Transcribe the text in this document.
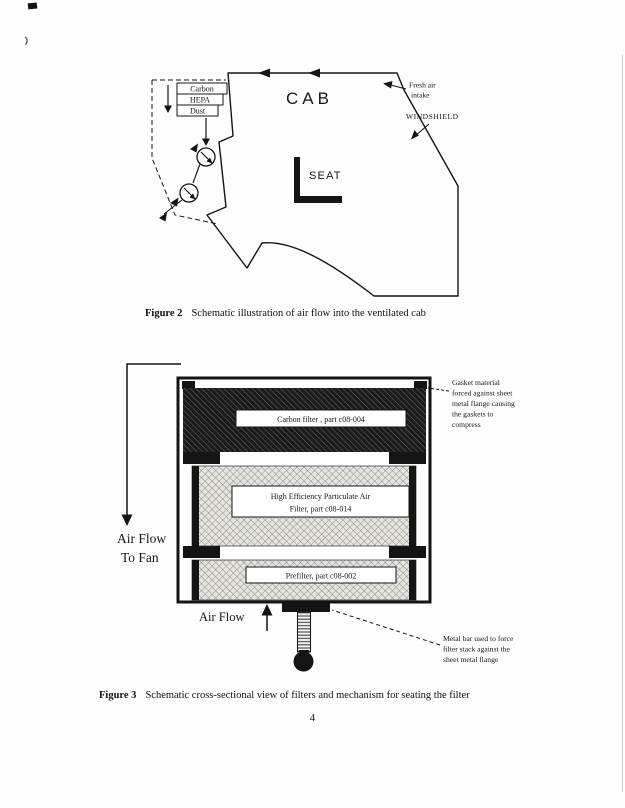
Carbon
HEPA
Dust
CAB
SEAT
Fresh air
intake
WINDSHIELD
Air Flow
To Fan
Carbon filter , part c08-004
High Efficiency Particulate Air
Filter, part c08-014
Prefilter, part c08-002
Air Flow
Gasket material
forced against sheet
metal flange causing
the gaskets to
compress
Metal bar used to force
filter stack against the
sheet metal flange
Figure 2 Schematic illustration of air flow into the ventilated cab
Figure 3 Schematic cross-sectional view of filters and mechanism for seating the filter
4
